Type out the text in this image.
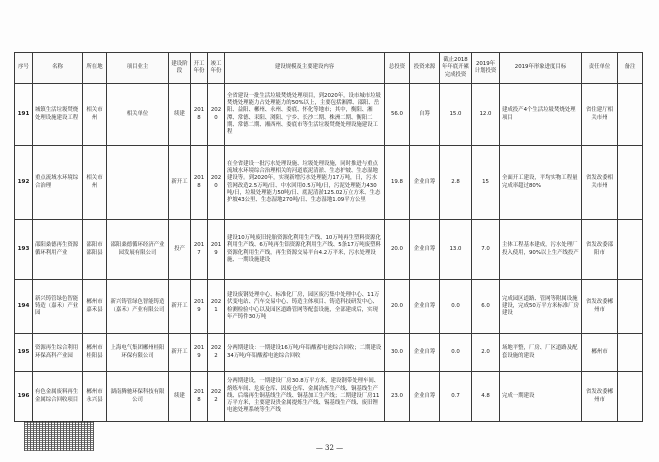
序号	名称	所在地	项目业主	建设阶段	开工年份	竣工年份	建设规模及主要建设内容	总投资	投资来源	截止2018年年底开累完成投资	2019年计划投资	2019年形象进度目标	责任单位	备注
191	城镇生活垃圾焚烧处理设施建设工程	相关市州	相关单位	续建	2018	2020	全省建设一批生活垃圾焚烧处理项目，到2020年，设市城市垃圾焚烧处理能力占处理能力的50%以上，主要包括湘潭、邵阳、岳阳、益阳、郴州、永州、娄底、怀化等地市；其中，衡阳、湘潭、常德、耒阳、浏阳、宁乡、长沙二期、株洲二期、衡阳二期、常德二期、湘西州、娄底市等生活垃圾焚烧处理设施建设工程	56.0	自筹	15.0	12.0	建成投产4个生活垃圾焚烧处理项目	省住建厅相关市州	
192	重点流域水环境综合治理	相关市州		新开工	2018	2020	在全省建设一批污水处理设施、垃圾处理设施，同时推进与重点流域水环境综合治理相关的河道底泥清淤、生态护坡、生态湿地建设等。到2020年，实现新增污水处理能力17万吨，日，污水管网改造2.5万吨/日、中水回用0.5万吨/日，污泥处理能力430吨/日，垃圾处理能力50吨/日、底泥清淤125.02万立方米、生态护坡43公里、生态湿地270吨/日、生态湿地1.09平方公里	19.8	企业自筹	2.8	15	全面开工建设，平均实物工程量完成率超过80%	省发改委相关市州	
193	邵阳桑德再生资源循环利用产业	邵阳市邵阳县	邵阳桑德循环经济产业园发展有限公司	投产	2017	2019	建设10万吨废旧轮胎资源化利用生产线、10万吨再生塑料资源化利用生产线、6万吨再生铝资源化利用生产线、5条17万吨废塑料资源化利用生产线，再生资源交易平台4.2万平米，污水处理设施、一期设施建设	20.0	企业自筹	13.0	7.0	主体工程基本建成，污水处理厂投入使用，90%以上生产线投产	省发改委邵阳市	
194	新兴铸管绿色智能铸造（嘉禾）产业园	郴州市嘉禾县	新兴铸管绿色智能铸造（嘉禾）产业有限公司	新开工	2019	2021	建设废钢处理中心、标准化厂房，园区废污集中处理中心、11万伏变电站、汽车交易中心、铸造主体项目、铸造科技研发中心、检测检验中心以及园区道路管网等配套设施，全部建成后，实现年产铸件30万吨	20.0	企业自筹	0.0	6.0	完成园区道路、管网等附属设施建设，完成50万平方米标准厂房建设	省发改委郴州市	
195	资源再生综合利用环保高科产业园	郴州市桂阳县	上海电气集团郴州桂阳环保有限公司	新开工	2019	2022	分两期建设：一期建设16万吨/年铅酸蓄电池综合回收；二期建设34万吨/年铅酸蓄电池综合回收	30.0	企业自筹	0.0	2.0	场地平整，厂房、厂区道路及配套设施的建设	郴州市	
196	有色金属废料再生金属综合回收项目	郴州市永兴县	湖南腾驰环保科技有限公司	续建	2018	2022	分两期建设，一期建设厂房30.8万平方米，建设钢带处理车间、熔炼车间、危废仓库、固废仓库、金属冶炼生产线、铜基线生产线、后端再生铜基线生产线、铜基加工生产线；二期建设厂房11万平方米，主要建设贵金属提炼生产线、锡基线生产线、废旧锂电池处理系统等生产线	23.0	企业自筹	0.7	4.8	完成一期建设	省发改委郴州市	
— 32 —
